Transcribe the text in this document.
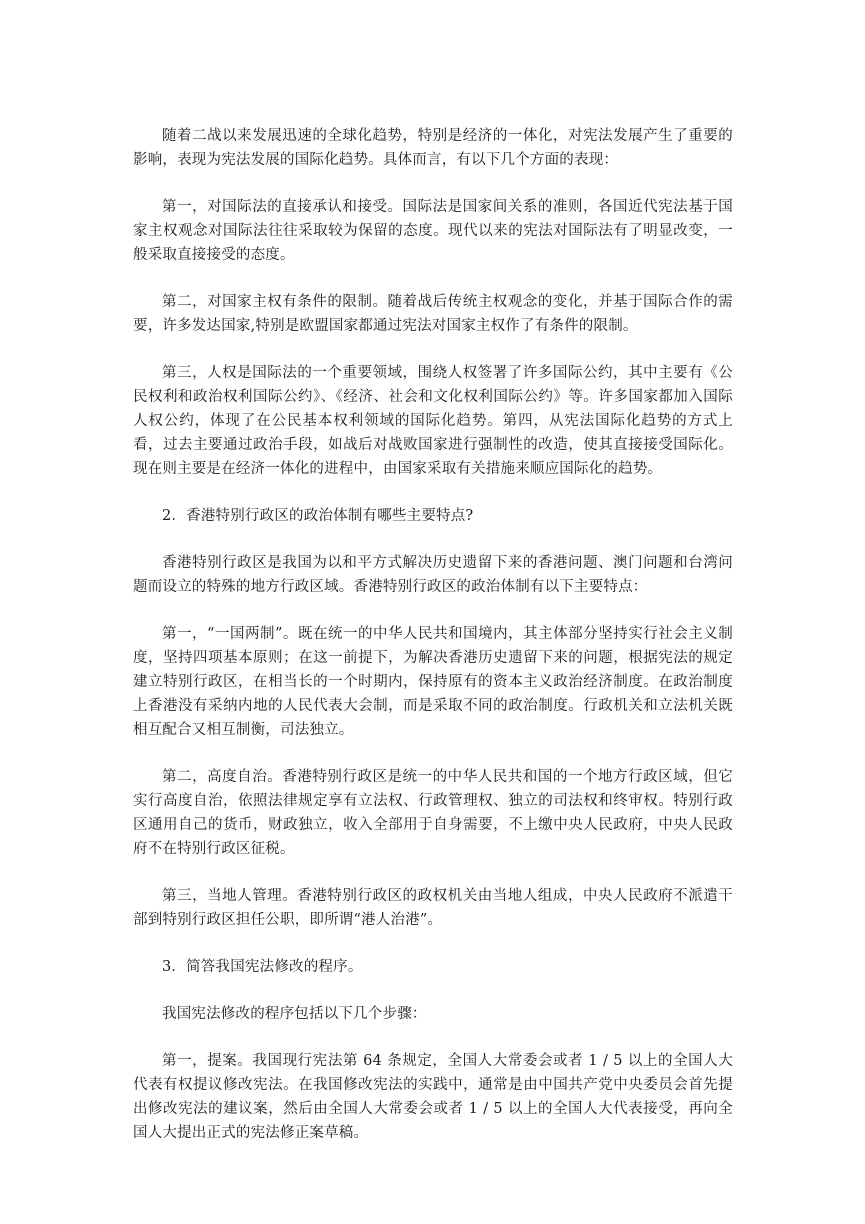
随着二战以来发展迅速的全球化趋势，特别是经济的一体化，对宪法发展产生了重要的影响，表现为宪法发展的国际化趋势。具体而言，有以下几个方面的表现：

第一，对国际法的直接承认和接受。国际法是国家间关系的准则，各国近代宪法基于国家主权观念对国际法往往采取较为保留的态度。现代以来的宪法对国际法有了明显改变，一般采取直接接受的态度。

第二，对国家主权有条件的限制。随着战后传统主权观念的变化，并基于国际合作的需要，许多发达国家,特别是欧盟国家都通过宪法对国家主权作了有条件的限制。

第三，人权是国际法的一个重要领域，围绕人权签署了许多国际公约，其中主要有《公民权利和政治权利国际公约》、《经济、社会和文化权利国际公约》等。许多国家都加入国际人权公约，体现了在公民基本权利领域的国际化趋势。第四，从宪法国际化趋势的方式上看，过去主要通过政治手段，如战后对战败国家进行强制性的改造，使其直接接受国际化。现在则主要是在经济一体化的进程中，由国家采取有关措施来顺应国际化的趋势。

2．香港特别行政区的政治体制有哪些主要特点?

香港特别行政区是我国为以和平方式解决历史遗留下来的香港问题、澳门问题和台湾问题而设立的特殊的地方行政区域。香港特别行政区的政治体制有以下主要特点：

第一，“一国两制”。既在统一的中华人民共和国境内，其主体部分坚持实行社会主义制度，坚持四项基本原则；在这一前提下，为解决香港历史遗留下来的问题，根据宪法的规定建立特别行政区，在相当长的一个时期内，保持原有的资本主义政治经济制度。在政治制度上香港没有采纳内地的人民代表大会制，而是采取不同的政治制度。行政机关和立法机关既相互配合又相互制衡，司法独立。

第二，高度自治。香港特别行政区是统一的中华人民共和国的一个地方行政区域，但它实行高度自治，依照法律规定享有立法权、行政管理权、独立的司法权和终审权。特别行政区通用自己的货币，财政独立，收入全部用于自身需要，不上缴中央人民政府，中央人民政府不在特别行政区征税。

第三，当地人管理。香港特别行政区的政权机关由当地人组成，中央人民政府不派遣干部到特别行政区担任公职，即所谓“港人治港”。

3．简答我国宪法修改的程序。

我国宪法修改的程序包括以下几个步骤：

第一，提案。我国现行宪法第 64 条规定，全国人大常委会或者 1 / 5 以上的全国人大代表有权提议修改宪法。在我国修改宪法的实践中，通常是由中国共产党中央委员会首先提出修改宪法的建议案，然后由全国人大常委会或者 1 / 5 以上的全国人大代表接受，再向全国人大提出正式的宪法修正案草稿。
